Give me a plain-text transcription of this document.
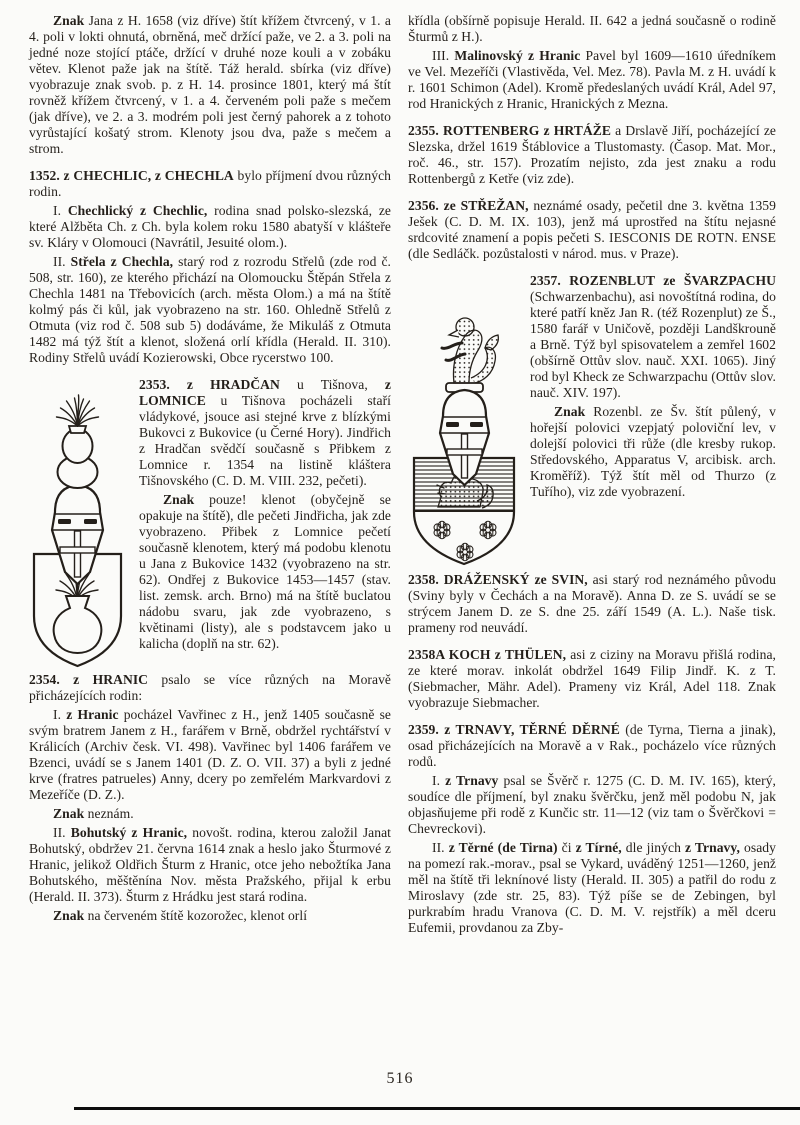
Znak Jana z H. 1658 (viz dříve) štít křížem čtvrcený, v 1. a 4. poli v lokti ohnutá, obrněná, meč držící paže, ve 2. a 3. poli na jedné noze stojící ptáče, držící v druhé noze kouli a v zobáku větev. Klenot paže jak na štítě. Táž herald. sbírka (viz dříve) vyobrazuje znak svob. p. z H. 14. prosince 1801, který má štít rovněž křížem čtvrcený, v 1. a 4. červeném poli paže s mečem (jak dříve), ve 2. a 3. modrém poli jest černý pahorek a z tohoto vyrůstající košatý strom. Klenoty jsou dva, paže s mečem a strom.

1352. z CHECHLIC, z CHECHLA bylo příjmení dvou různých rodin.

I. Chechlický z Chechlic, rodina snad polsko-slezská, ze které Alžběta Ch. z Ch. byla kolem roku 1580 abatyší v klášteře sv. Kláry v Olomouci (Navrátil, Jesuité olom.).

II. Střela z Chechla, starý rod z rozrodu Střelů (zde rod č. 508, str. 160), ze kterého přichází na Olomoucku Štěpán Střela z Chechla 1481 na Třebovicích (arch. města Olom.) a má na štítě kolmý pás či kůl, jak vyobrazeno na str. 160. Ohledně Střelů z Otmuta (viz rod č. 508 sub 5) dodáváme, že Mikuláš z Otmuta 1482 má týž štít a klenot, složená orlí křídla (Herald. II. 310). Rodiny Střelů uvádí Kozierowski, Obce rycerstwo 100.

2353. z HRADČAN u Tišnova, z LOMNICE u Tišnova pocházeli staří vládykové, jsouce asi stejné krve z blízkými Bukovci z Bukovice (u Černé Hory). Jindřich z Hradčan svědčí současně s Přibkem z Lomnice r. 1354 na listině kláštera Tišnovského (C. D. M. VIII. 232, pečeti).

Znak pouze! klenot (obyčejně se opakuje na štítě), dle pečeti Jindřicha, jak zde vyobrazeno. Přibek z Lomnice pečetí současně klenotem, který má podobu klenotu u Jana z Bukovice 1432 (vyobrazeno na str. 62). Ondřej z Bukovice 1453—1457 (stav. list. zemsk. arch. Brno) má na štítě buclatou nádobu svaru, jak zde vyobrazeno, s květinami (listy), ale s podstavcem jako u kalicha (doplň na str. 62).

2354. z HRANIC psalo se více různých na Moravě přicházejících rodin:

I. z Hranic pocházel Vavřinec z H., jenž 1405 současně se svým bratrem Janem z H., farářem v Brně, obdržel rychtářství v Králicích (Archiv česk. VI. 498). Vavřinec byl 1406 farářem ve Bzenci, uvádí se s Janem 1401 (D. Z. O. VII. 37) a byli z jedné krve (fratres patrueles) Anny, dcery po zemřelém Markvardovi z Mezeříče (D. Z.).

Znak neznám.

II. Bohutský z Hranic, novošt. rodina, kterou založil Janat Bohutský, obdržev 21. června 1614 znak a heslo jako Šturmové z Hranic, jelikož Oldřich Šturm z Hranic, otce jeho nebožtíka Jana Bohutského, měštěnína Nov. města Pražského, přijal k erbu (Herald. II. 373). Šturm z Hrádku jest stará rodina.

Znak na červeném štítě kozorožec, klenot orlí

křídla (obšírně popisuje Herald. II. 642 a jedná současně o rodině Šturmů z H.).

III. Malinovský z Hranic Pavel byl 1609—1610 úředníkem ve Vel. Mezeříči (Vlastivěda, Vel. Mez. 78). Pavla M. z H. uvádí k r. 1601 Schimon (Adel). Kromě předeslaných uvádí Král, Adel 97, rod Hranických z Hranic, Hranických z Mezna.

2355. ROTTENBERG z HRTÁŽE a Drslavě Jiří, pocházející ze Slezska, držel 1619 Štáblovice a Tlustomasty. (Časop. Mat. Mor., roč. 46., str. 157). Prozatím nejisto, zda jest znaku a rodu Rottenbergů z Ketře (viz zde).

2356. ze STŘEŽAN, neznámé osady, pečetil dne 3. května 1359 Ješek (C. D. M. IX. 103), jenž má uprostřed na štítu nejasné srdcovité znamení a popis pečeti S. IESCONIS DE ROTN. ENSE (dle Sedláčk. pozůstalosti v národ. mus. v Praze).

2357. ROZENBLUT ze ŠVARZPACHU (Schwarzenbachu), asi novoštítná rodina, do které patří kněz Jan R. (též Rozenplut) ze Š., 1580 farář v Uničově, později Landškrouně a Brně. Týž byl spisovatelem a zemřel 1602 (obšírně Ottův slov. nauč. XXI. 1065). Jiný rod byl Kheck ze Schwarzpachu (Ottův slov. nauč. XIV. 197).

Znak Rozenbl. ze Šv. štít půlený, v hořejší polovici vzepjatý poloviční lev, v dolejší polovici tři růže (dle kresby rukop. Středovského, Apparatus V, arcibisk. arch. Kroměříž). Týž štít měl od Thurzo (z Tuřího), viz zde vyobrazení.

2358. DRÁŽENSKÝ ze SVIN, asi starý rod neznámého původu (Sviny byly v Čechách a na Moravě). Anna D. ze S. uvádí se se strýcem Janem D. ze S. dne 25. září 1549 (A. L.). Naše tisk. prameny rod neuvádí.

2358A KOCH z THÜLEN, asi z ciziny na Moravu přišlá rodina, ze které morav. inkolát obdržel 1649 Filip Jindř. K. z T. (Siebmacher, Mähr. Adel). Prameny viz Král, Adel 118. Znak vyobrazuje Siebmacher.

2359. z TRNAVY, TĚRNÉ DĚRNÉ (de Tyrna, Tierna a jinak), osad přicházejících na Moravě a v Rak., pocházelo více různých rodů.

I. z Trnavy psal se Švěrč r. 1275 (C. D. M. IV. 165), který, soudíce dle příjmení, byl znaku švěrčku, jenž měl podobu N, jak objasňujeme při rodě z Kunčic str. 11—12 (viz tam o Švěrčkovi = Chevreckovi).

II. z Těrné (de Tirna) či z Tírné, dle jiných z Trnavy, osady na pomezí rak.-morav., psal se Vykard, uváděný 1251—1260, jenž měl na štítě tři leknínové listy (Herald. II. 305) a patřil do rodu z Miroslavy (zde str. 25, 83). Týž píše se de Zebingen, byl purkrabím hradu Vranova (C. D. M. V. rejstřík) a měl dceru Eufemii, provdanou za Zby-

516
